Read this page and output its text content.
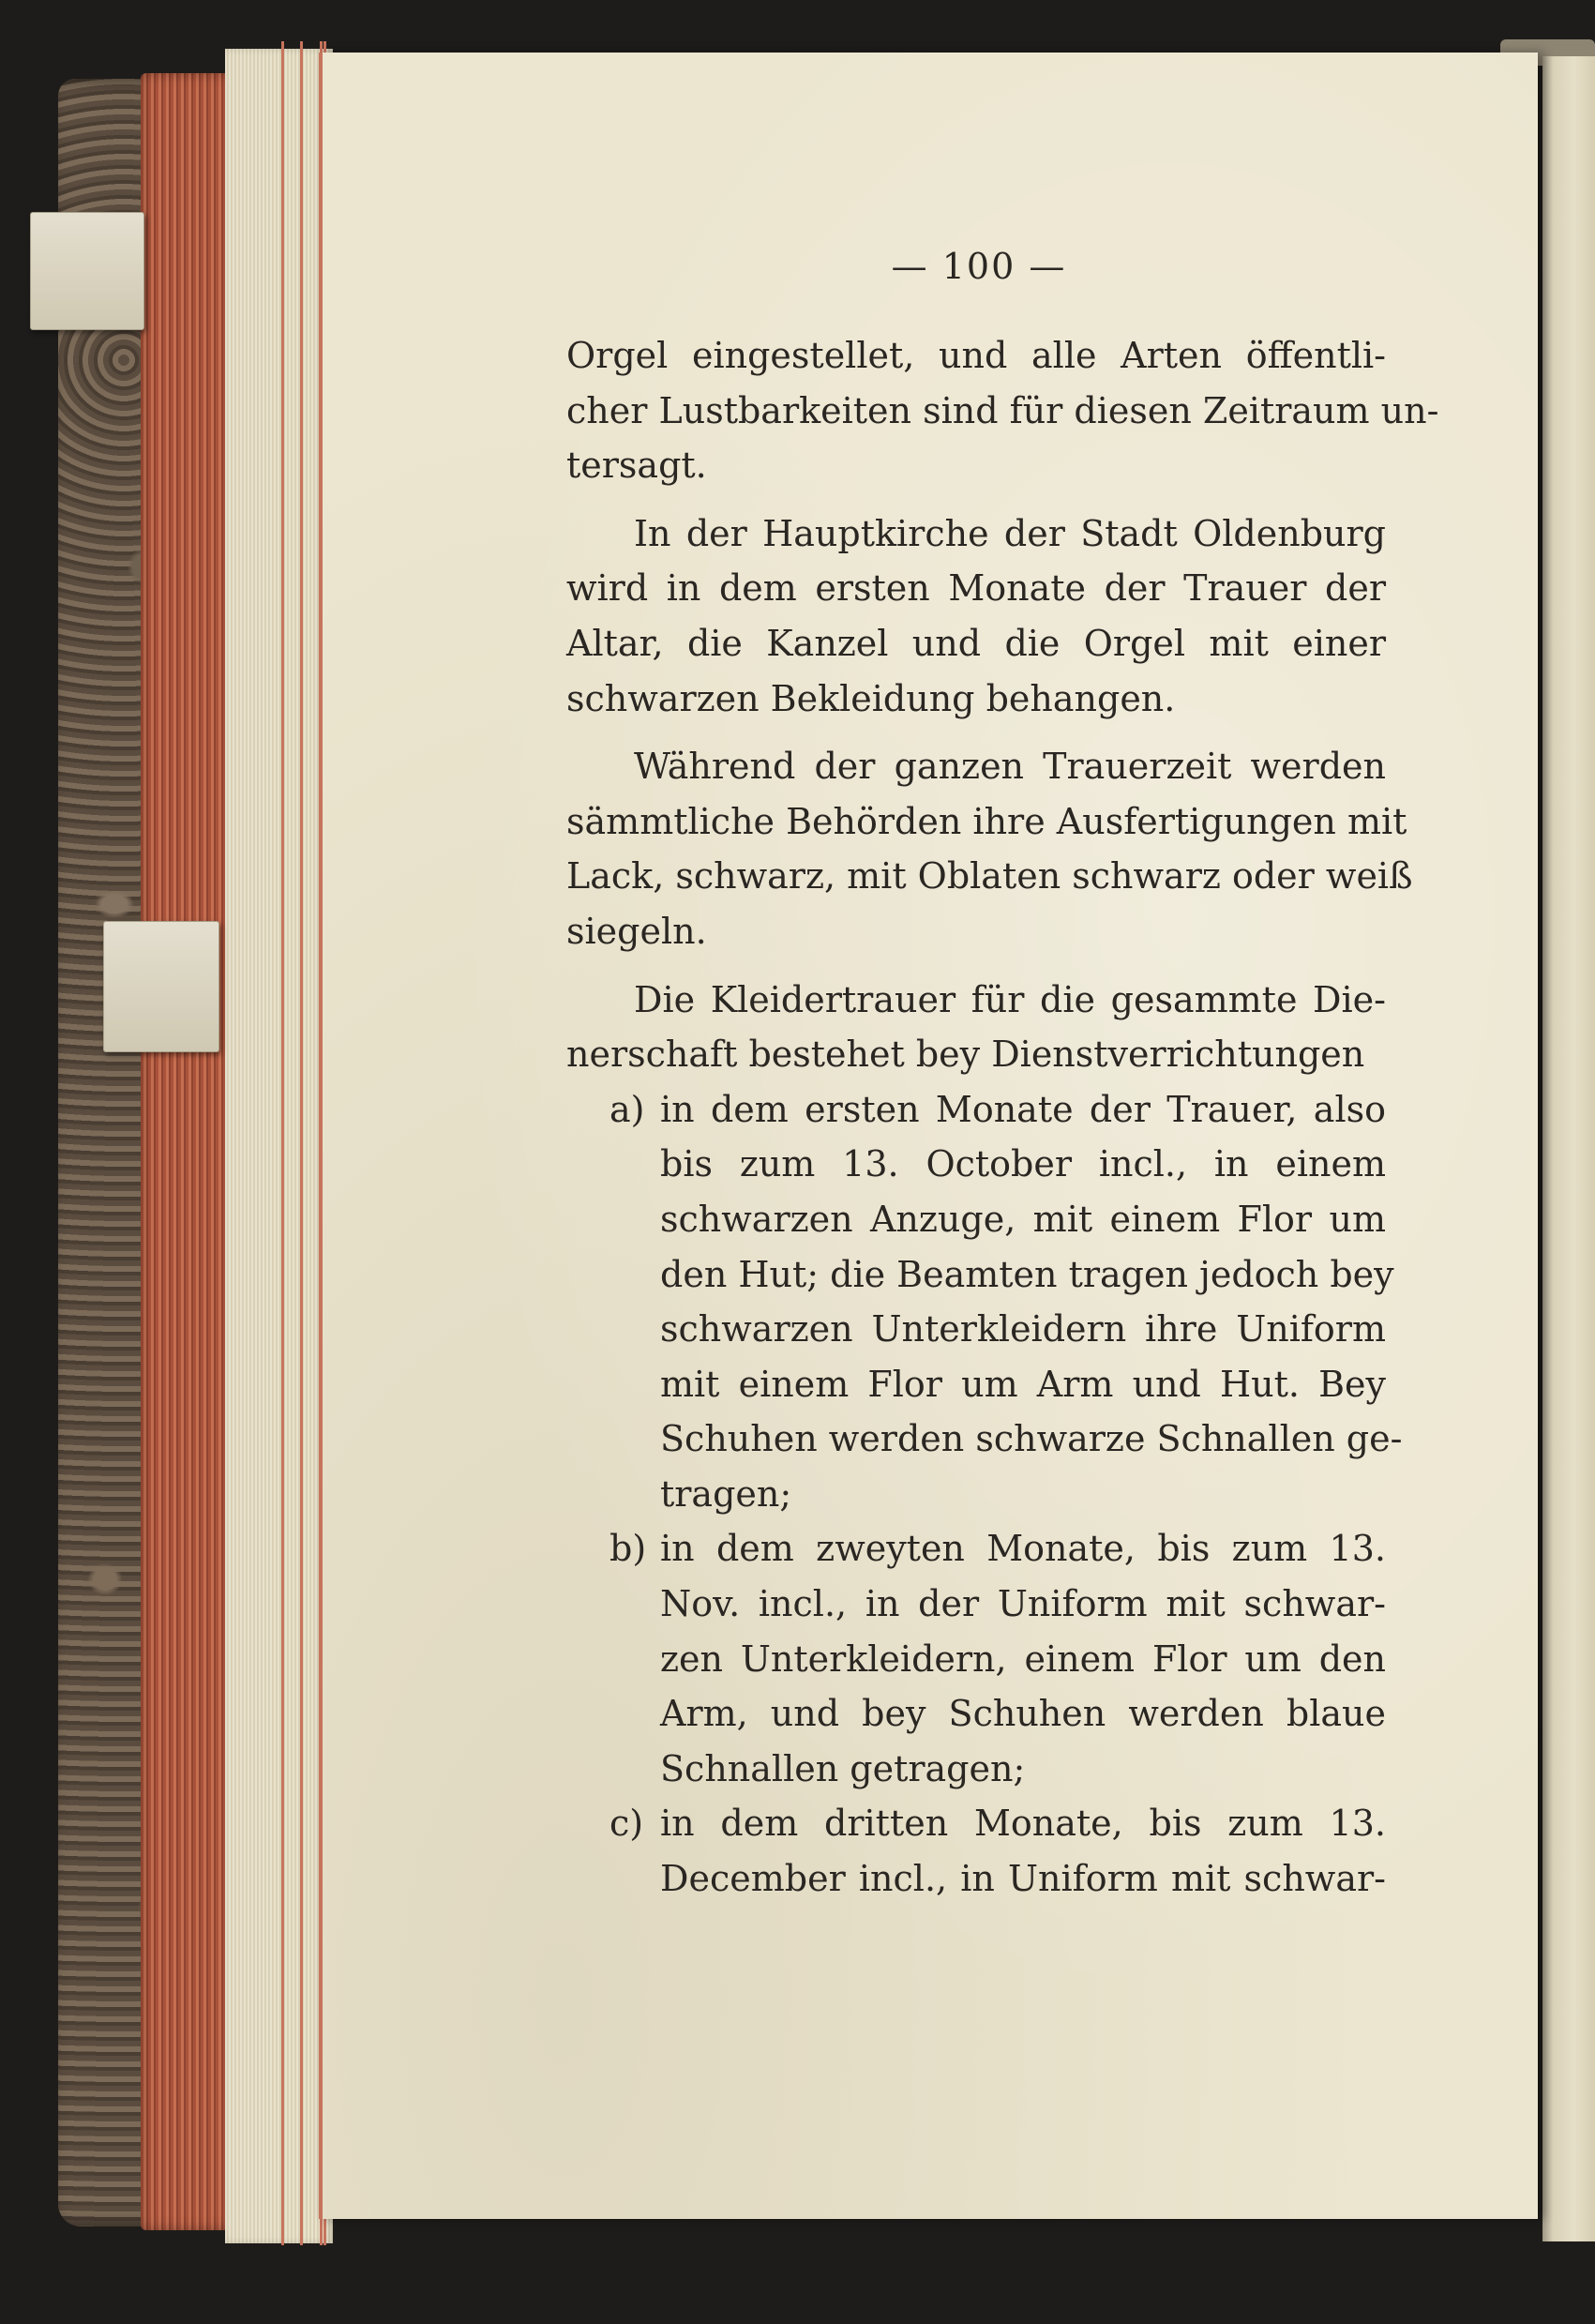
— 100 —
Orgel eingestellet, und alle Arten öffentli-
cher Lustbarkeiten sind für diesen Zeitraum un-
tersagt.
In der Hauptkirche der Stadt Oldenburg
wird in dem ersten Monate der Trauer der
Altar, die Kanzel und die Orgel mit einer
schwarzen Bekleidung behangen.
Während der ganzen Trauerzeit werden
sämmtliche Behörden ihre Ausfertigungen mit
Lack, schwarz, mit Oblaten schwarz oder weiß
siegeln.
Die Kleidertrauer für die gesammte Die-
nerschaft bestehet bey Dienstverrichtungen
a) in dem ersten Monate der Trauer, also
bis zum 13. October incl., in einem
schwarzen Anzuge, mit einem Flor um
den Hut; die Beamten tragen jedoch bey
schwarzen Unterkleidern ihre Uniform
mit einem Flor um Arm und Hut. Bey
Schuhen werden schwarze Schnallen ge-
tragen;
b) in dem zweyten Monate, bis zum 13.
Nov. incl., in der Uniform mit schwar-
zen Unterkleidern, einem Flor um den
Arm, und bey Schuhen werden blaue
Schnallen getragen;
c) in dem dritten Monate, bis zum 13.
December incl., in Uniform mit schwar-
